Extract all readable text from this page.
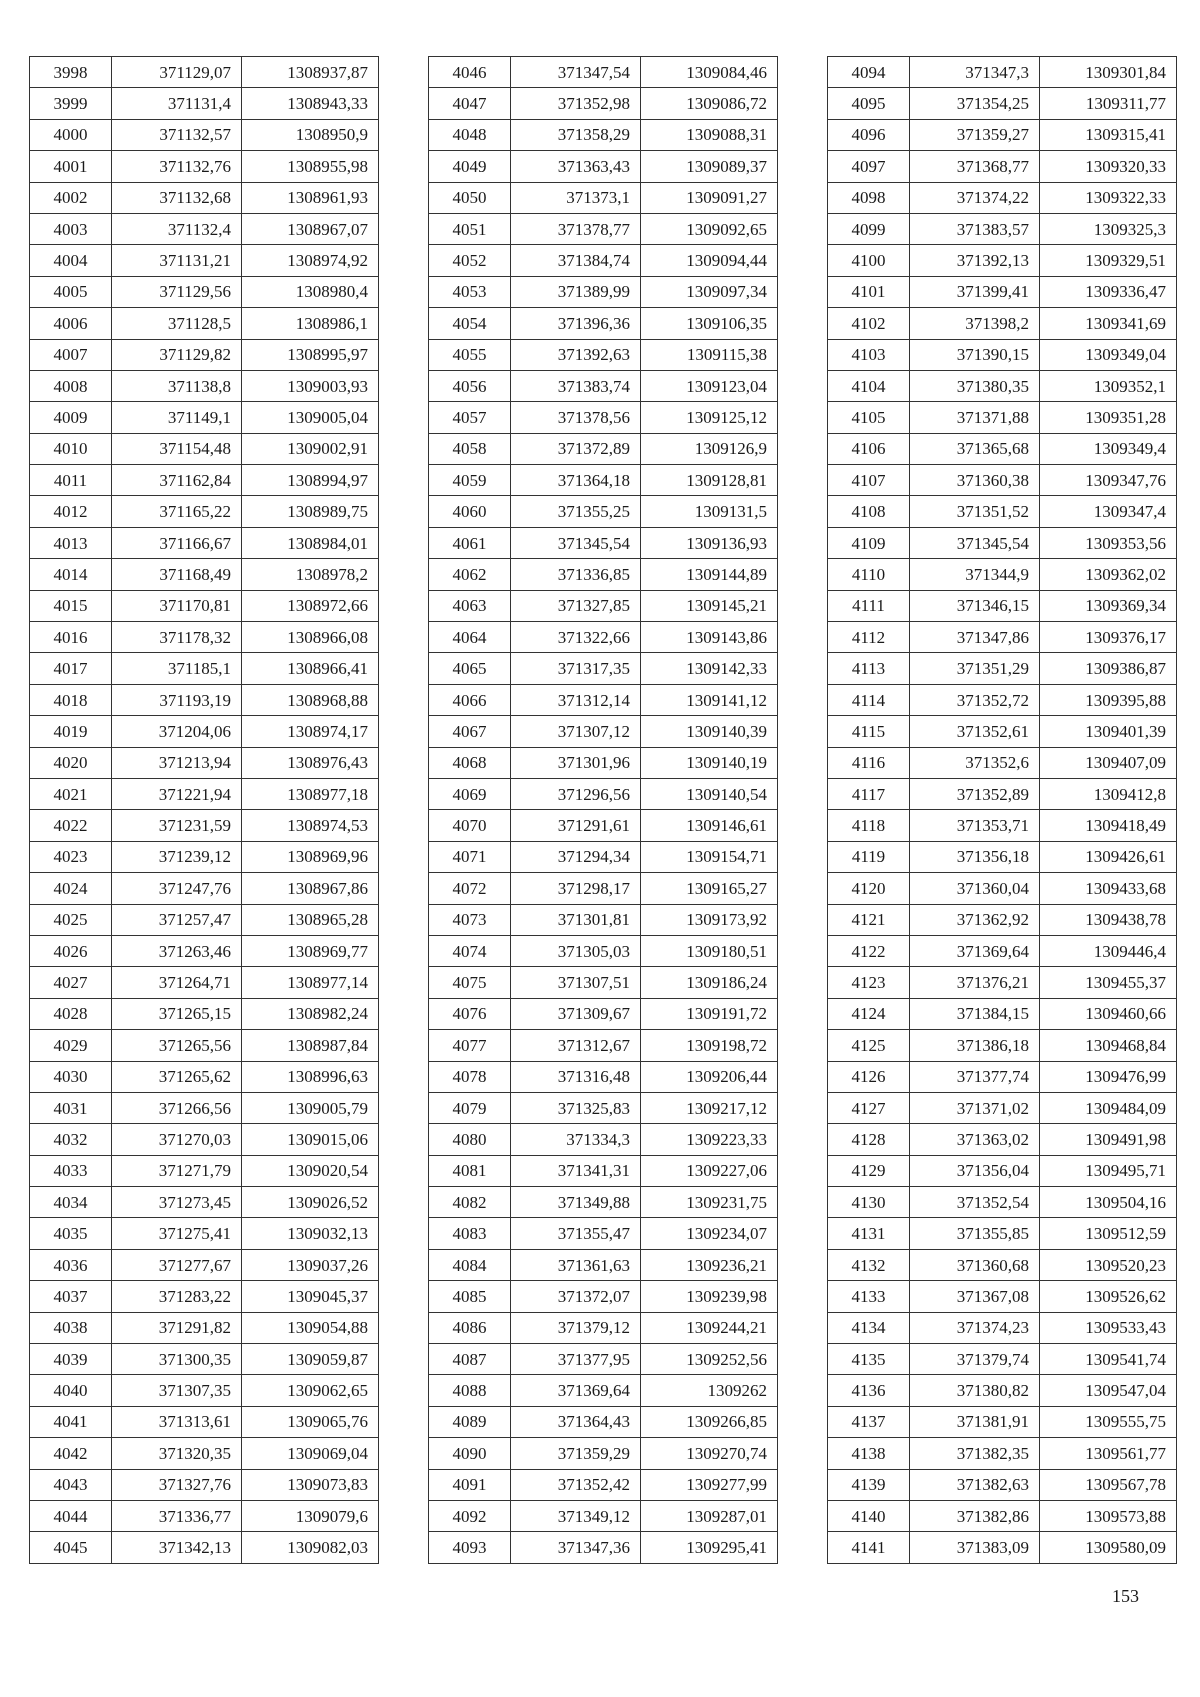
3998	371129,07	1308937,87
3999	371131,4	1308943,33
4000	371132,57	1308950,9
4001	371132,76	1308955,98
4002	371132,68	1308961,93
4003	371132,4	1308967,07
4004	371131,21	1308974,92
4005	371129,56	1308980,4
4006	371128,5	1308986,1
4007	371129,82	1308995,97
4008	371138,8	1309003,93
4009	371149,1	1309005,04
4010	371154,48	1309002,91
4011	371162,84	1308994,97
4012	371165,22	1308989,75
4013	371166,67	1308984,01
4014	371168,49	1308978,2
4015	371170,81	1308972,66
4016	371178,32	1308966,08
4017	371185,1	1308966,41
4018	371193,19	1308968,88
4019	371204,06	1308974,17
4020	371213,94	1308976,43
4021	371221,94	1308977,18
4022	371231,59	1308974,53
4023	371239,12	1308969,96
4024	371247,76	1308967,86
4025	371257,47	1308965,28
4026	371263,46	1308969,77
4027	371264,71	1308977,14
4028	371265,15	1308982,24
4029	371265,56	1308987,84
4030	371265,62	1308996,63
4031	371266,56	1309005,79
4032	371270,03	1309015,06
4033	371271,79	1309020,54
4034	371273,45	1309026,52
4035	371275,41	1309032,13
4036	371277,67	1309037,26
4037	371283,22	1309045,37
4038	371291,82	1309054,88
4039	371300,35	1309059,87
4040	371307,35	1309062,65
4041	371313,61	1309065,76
4042	371320,35	1309069,04
4043	371327,76	1309073,83
4044	371336,77	1309079,6
4045	371342,13	1309082,03
4046	371347,54	1309084,46
4047	371352,98	1309086,72
4048	371358,29	1309088,31
4049	371363,43	1309089,37
4050	371373,1	1309091,27
4051	371378,77	1309092,65
4052	371384,74	1309094,44
4053	371389,99	1309097,34
4054	371396,36	1309106,35
4055	371392,63	1309115,38
4056	371383,74	1309123,04
4057	371378,56	1309125,12
4058	371372,89	1309126,9
4059	371364,18	1309128,81
4060	371355,25	1309131,5
4061	371345,54	1309136,93
4062	371336,85	1309144,89
4063	371327,85	1309145,21
4064	371322,66	1309143,86
4065	371317,35	1309142,33
4066	371312,14	1309141,12
4067	371307,12	1309140,39
4068	371301,96	1309140,19
4069	371296,56	1309140,54
4070	371291,61	1309146,61
4071	371294,34	1309154,71
4072	371298,17	1309165,27
4073	371301,81	1309173,92
4074	371305,03	1309180,51
4075	371307,51	1309186,24
4076	371309,67	1309191,72
4077	371312,67	1309198,72
4078	371316,48	1309206,44
4079	371325,83	1309217,12
4080	371334,3	1309223,33
4081	371341,31	1309227,06
4082	371349,88	1309231,75
4083	371355,47	1309234,07
4084	371361,63	1309236,21
4085	371372,07	1309239,98
4086	371379,12	1309244,21
4087	371377,95	1309252,56
4088	371369,64	1309262
4089	371364,43	1309266,85
4090	371359,29	1309270,74
4091	371352,42	1309277,99
4092	371349,12	1309287,01
4093	371347,36	1309295,41
4094	371347,3	1309301,84
4095	371354,25	1309311,77
4096	371359,27	1309315,41
4097	371368,77	1309320,33
4098	371374,22	1309322,33
4099	371383,57	1309325,3
4100	371392,13	1309329,51
4101	371399,41	1309336,47
4102	371398,2	1309341,69
4103	371390,15	1309349,04
4104	371380,35	1309352,1
4105	371371,88	1309351,28
4106	371365,68	1309349,4
4107	371360,38	1309347,76
4108	371351,52	1309347,4
4109	371345,54	1309353,56
4110	371344,9	1309362,02
4111	371346,15	1309369,34
4112	371347,86	1309376,17
4113	371351,29	1309386,87
4114	371352,72	1309395,88
4115	371352,61	1309401,39
4116	371352,6	1309407,09
4117	371352,89	1309412,8
4118	371353,71	1309418,49
4119	371356,18	1309426,61
4120	371360,04	1309433,68
4121	371362,92	1309438,78
4122	371369,64	1309446,4
4123	371376,21	1309455,37
4124	371384,15	1309460,66
4125	371386,18	1309468,84
4126	371377,74	1309476,99
4127	371371,02	1309484,09
4128	371363,02	1309491,98
4129	371356,04	1309495,71
4130	371352,54	1309504,16
4131	371355,85	1309512,59
4132	371360,68	1309520,23
4133	371367,08	1309526,62
4134	371374,23	1309533,43
4135	371379,74	1309541,74
4136	371380,82	1309547,04
4137	371381,91	1309555,75
4138	371382,35	1309561,77
4139	371382,63	1309567,78
4140	371382,86	1309573,88
4141	371383,09	1309580,09
153
